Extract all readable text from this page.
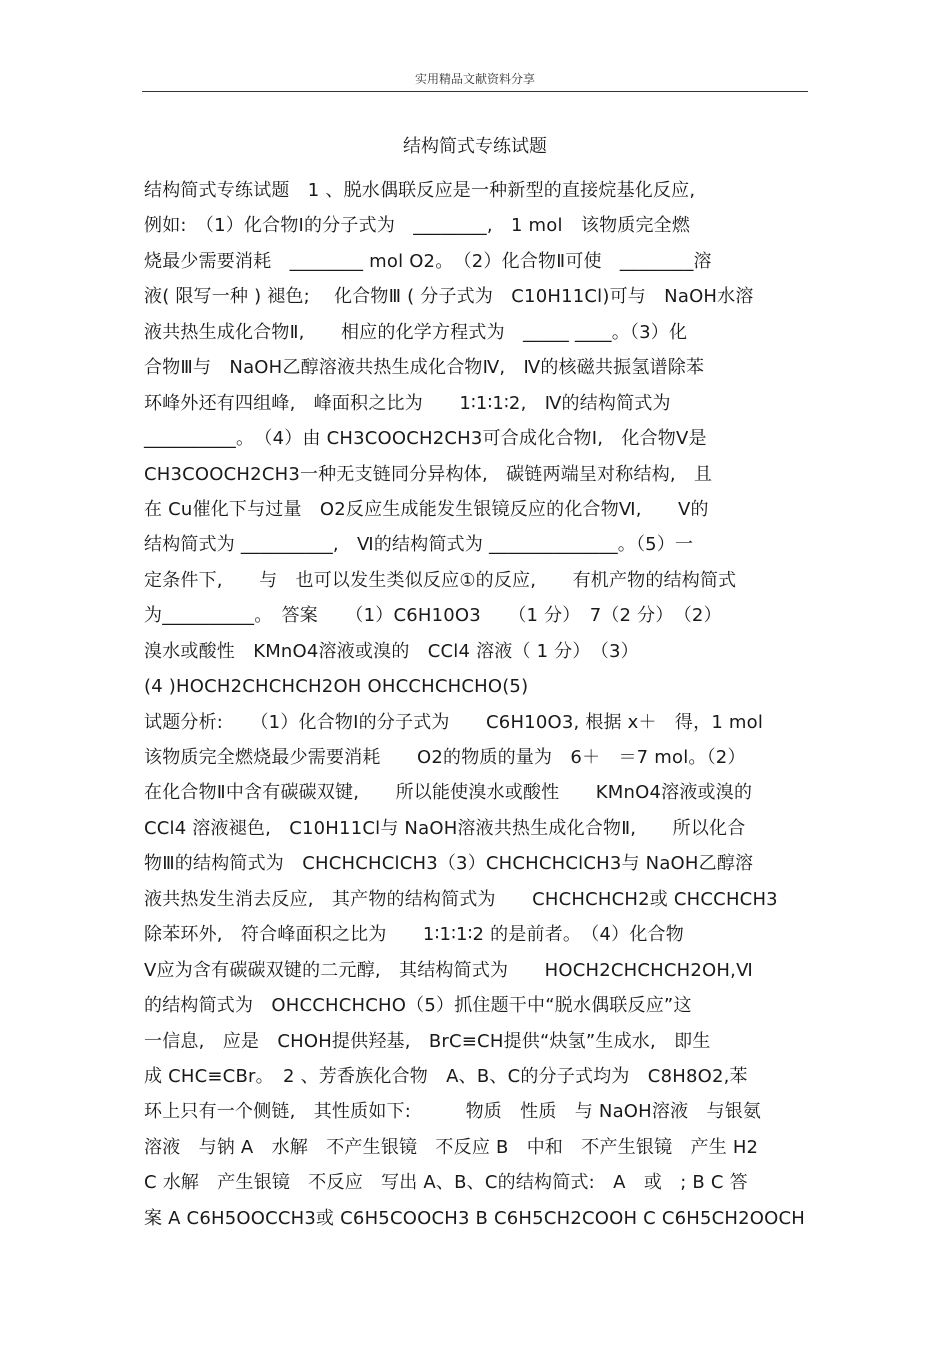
实用精品文献资料分享
结构简式专练试题
结构简式专练试题　1 、脱水偶联反应是一种新型的直接烷基化反应,
例如:　（1）化合物Ⅰ的分子式为　________,　1 mol　该物质完全燃
烧最少需要消耗　________ mol O2。　（2）化合物Ⅱ可使　________溶
液( 限写一种 ) 褪色;　 化合物Ⅲ ( 分子式为　C10H11Cl)可与　NaOH水溶
液共热生成化合物Ⅱ,　　相应的化学方程式为　_____ ____。（3）化
合物Ⅲ与　NaOH乙醇溶液共热生成化合物Ⅳ,　Ⅳ的核磁共振氢谱除苯
环峰外还有四组峰,　峰面积之比为　　1∶1∶1∶2,　Ⅳ的结构简式为
__________。　（4）由 CH3COOCH2CH3可合成化合物Ⅰ,　化合物Ⅴ是
CH3COOCH2CH3一种无支链同分异构体,　碳链两端呈对称结构,　且
在 Cu催化下与过量　O2反应生成能发生银镜反应的化合物Ⅵ,　　Ⅴ的
结构简式为 __________,　Ⅵ的结构简式为 ______________。（5）一
定条件下,　　与　也可以发生类似反应①的反应,　　有机产物的结构简式
为__________。　答案　　（1）C6H10O3　　（1 分）　7（2 分）　（2）
溴水或酸性　KMnO4溶液或溴的　CCl4 溶液（ 1 分）　（3）
(4 )HOCH2CHCHCH2OH OHCCHCHCHO(5)
试题分析:　　（1）化合物Ⅰ的分子式为　　C6H10O3, 根据 x＋　得，1 mol
该物质完全燃烧最少需要消耗　　O2的物质的量为　6＋　＝7 mol。（2）
在化合物Ⅱ中含有碳碳双键,　　所以能使溴水或酸性　　KMnO4溶液或溴的
CCl4 溶液褪色,　C10H11Cl与 NaOH溶液共热生成化合物Ⅱ,　　所以化合
物Ⅲ的结构简式为　CHCHCHClCH3（3）CHCHCHClCH3与 NaOH乙醇溶
液共热发生消去反应,　其产物的结构简式为　　CHCHCHCH2或 CHCCHCH3
除苯环外,　符合峰面积之比为　　1∶1∶1∶2 的是前者。　（4）化合物
Ⅴ应为含有碳碳双键的二元醇,　其结构简式为　　HOCH2CHCHCH2OH,Ⅵ
的结构简式为　OHCCHCHCHO（5）抓住题干中“脱水偶联反应”这
一信息,　应是　CHOH提供羟基,　BrC≡CH提供“炔氢”生成水,　即生
成 CHC≡CBr。　2 、芳香族化合物　A、B、C的分子式均为　C8H8O2,苯
环上只有一个侧链,　其性质如下:　　　物质　性质　与 NaOH溶液　与银氨
溶液　与钠 A　水解　不产生银镜　不反应 B　中和　不产生银镜　产生 H2
C 水解　产生银镜　不反应　写出 A、B、C的结构简式:　A　或　; B C 答
案 A C6H5OOCCH3或 C6H5COOCH3 B C6H5CH2COOH C C6H5CH2OOCH
